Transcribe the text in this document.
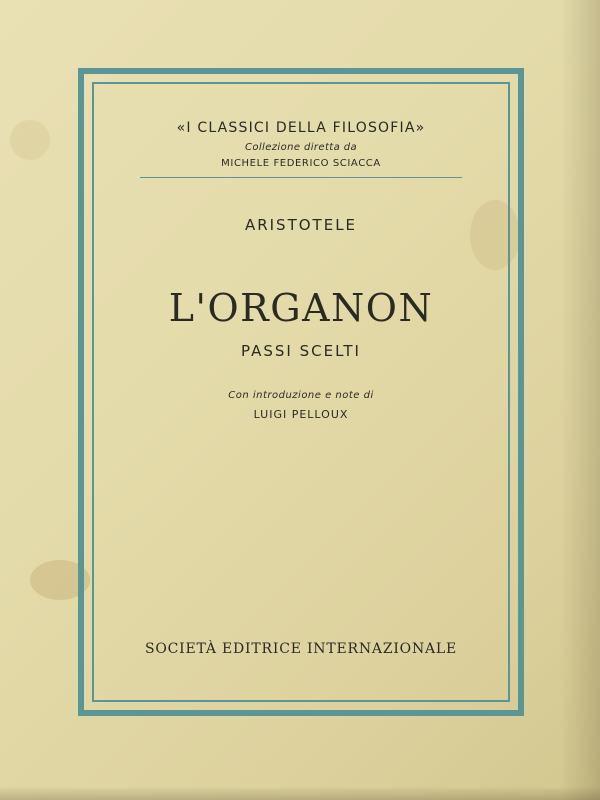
«I CLASSICI DELLA FILOSOFIA»
Collezione diretta da
MICHELE FEDERICO SCIACCA
ARISTOTELE
L'ORGANON
PASSI SCELTI
Con introduzione e note di
LUIGI PELLOUX
SOCIETÀ EDITRICE INTERNAZIONALE
